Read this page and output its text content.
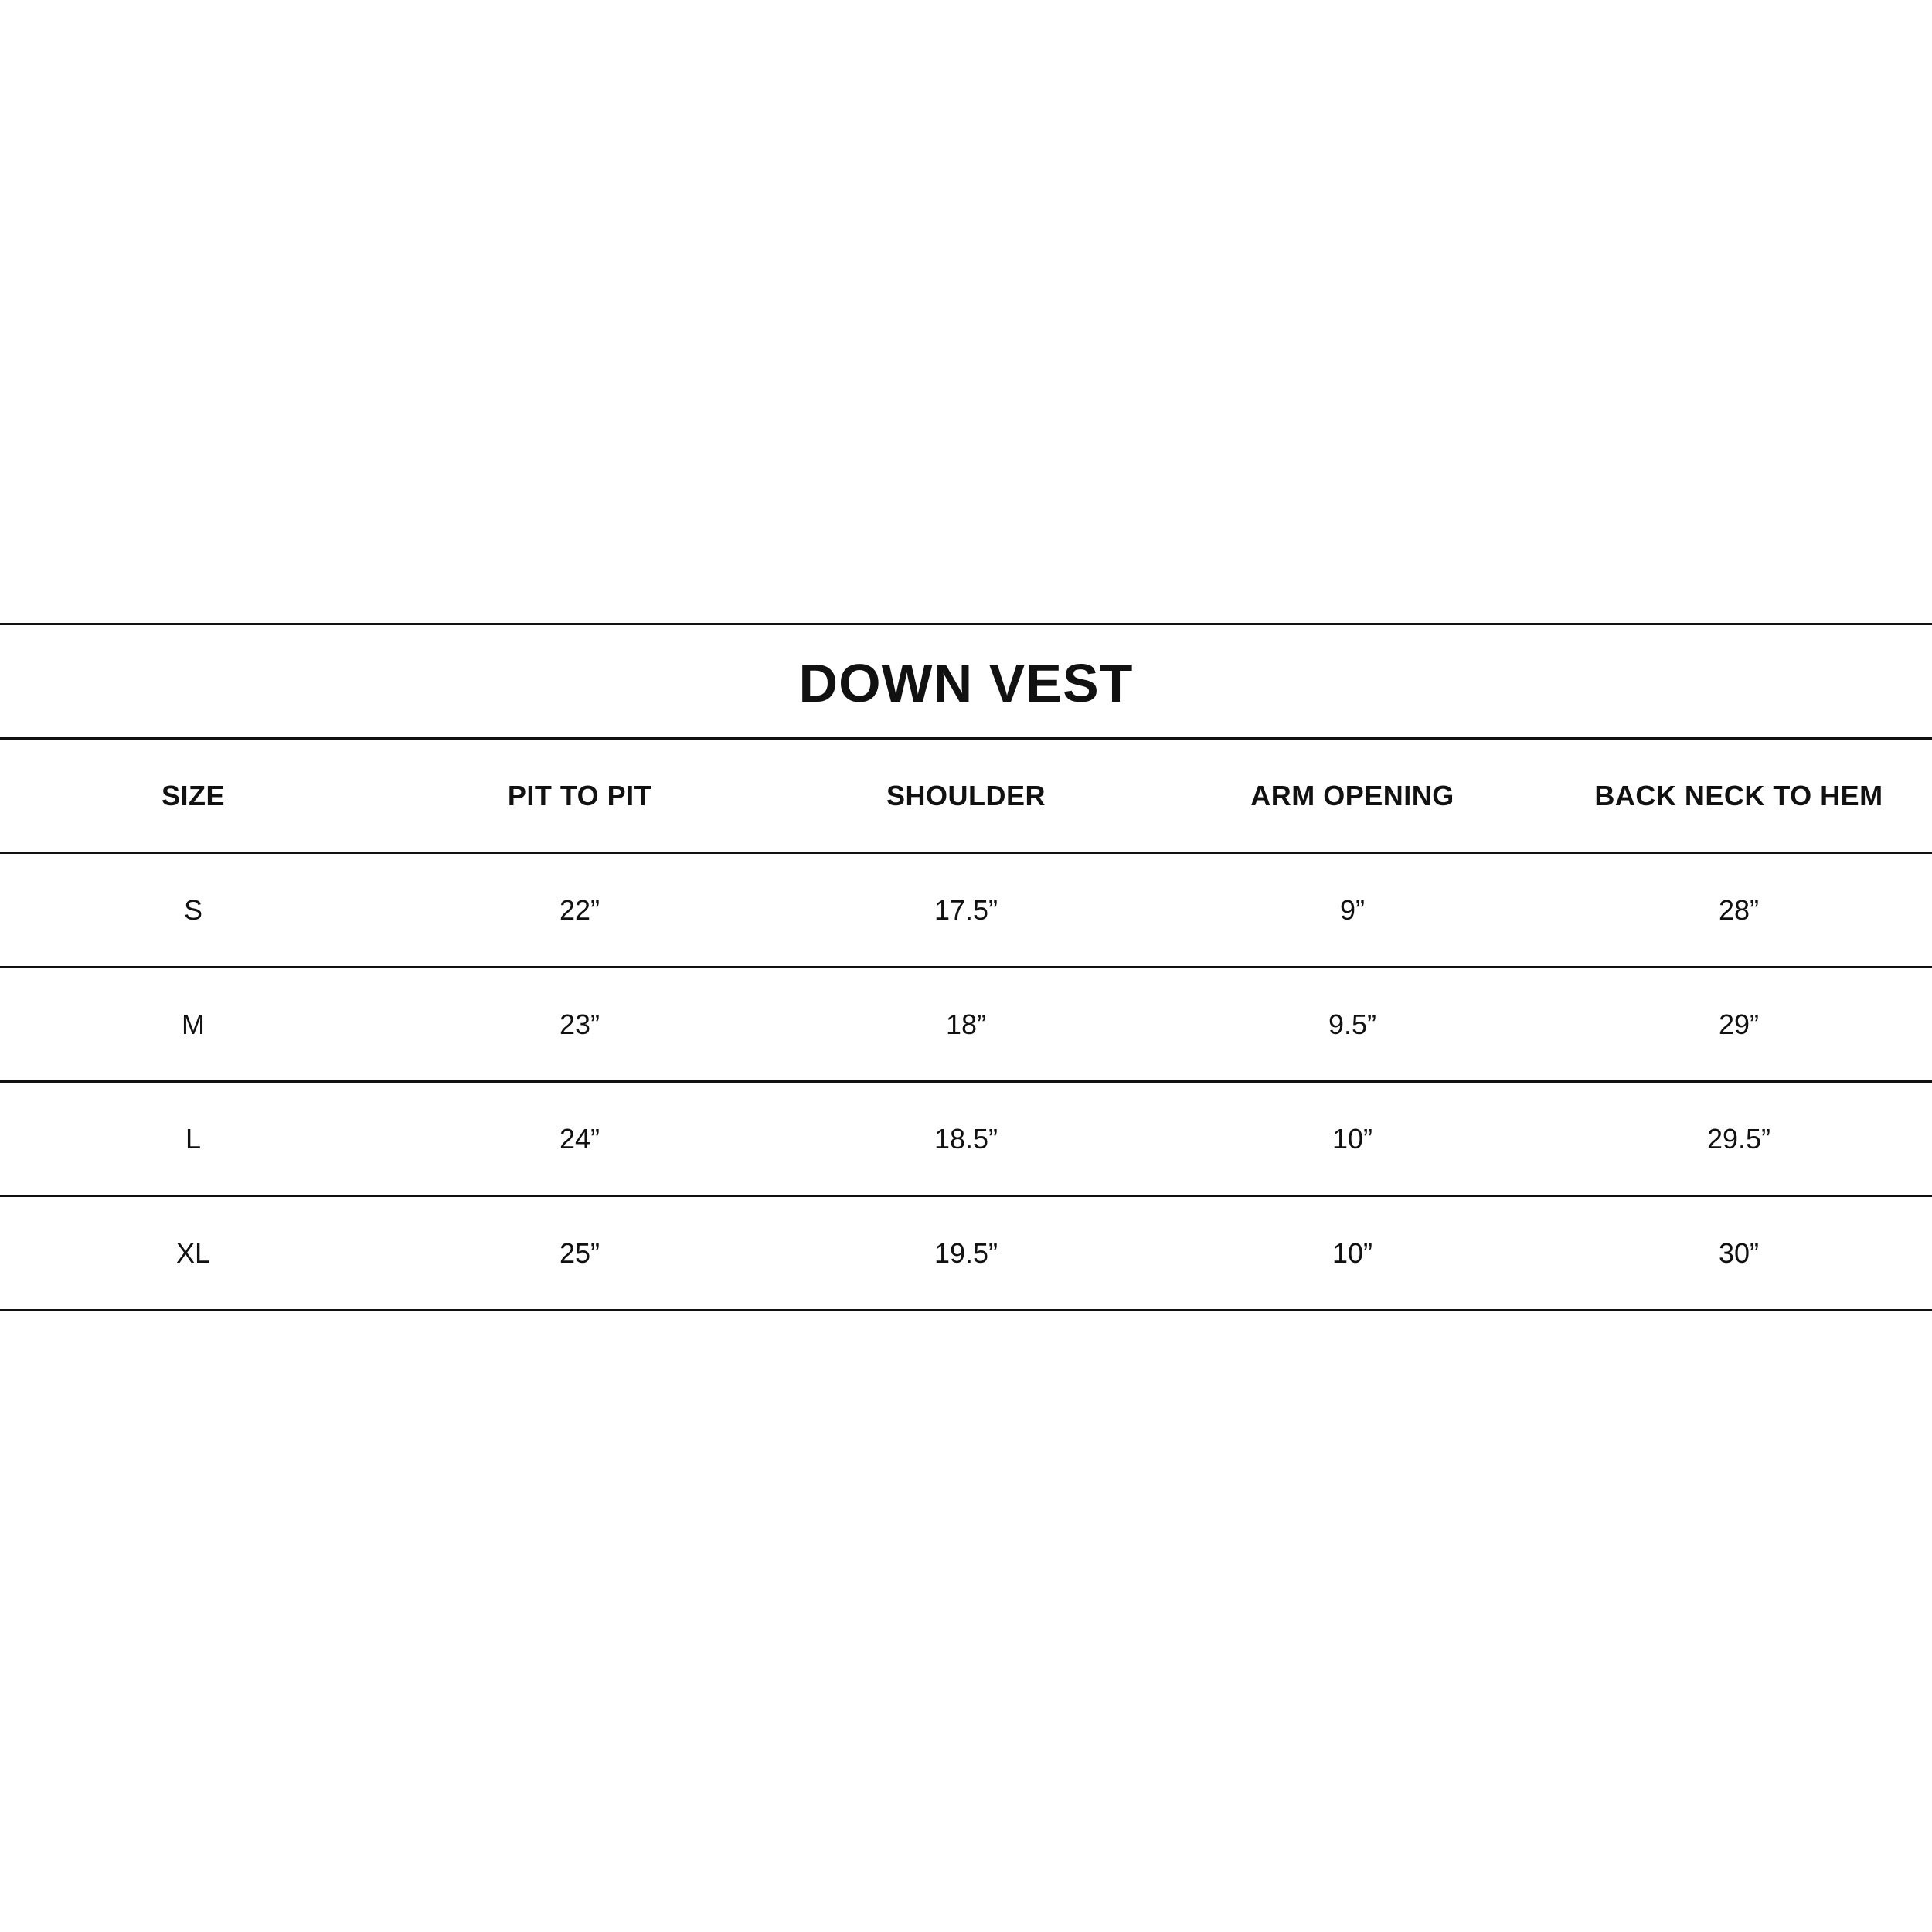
DOWN VEST
SIZE	PIT TO PIT	SHOULDER	ARM OPENING	BACK NECK TO HEM
S	22”	17.5”	9”	28”
M	23”	18”	9.5”	29”
L	24”	18.5”	10”	29.5”
XL	25”	19.5”	10”	30”
